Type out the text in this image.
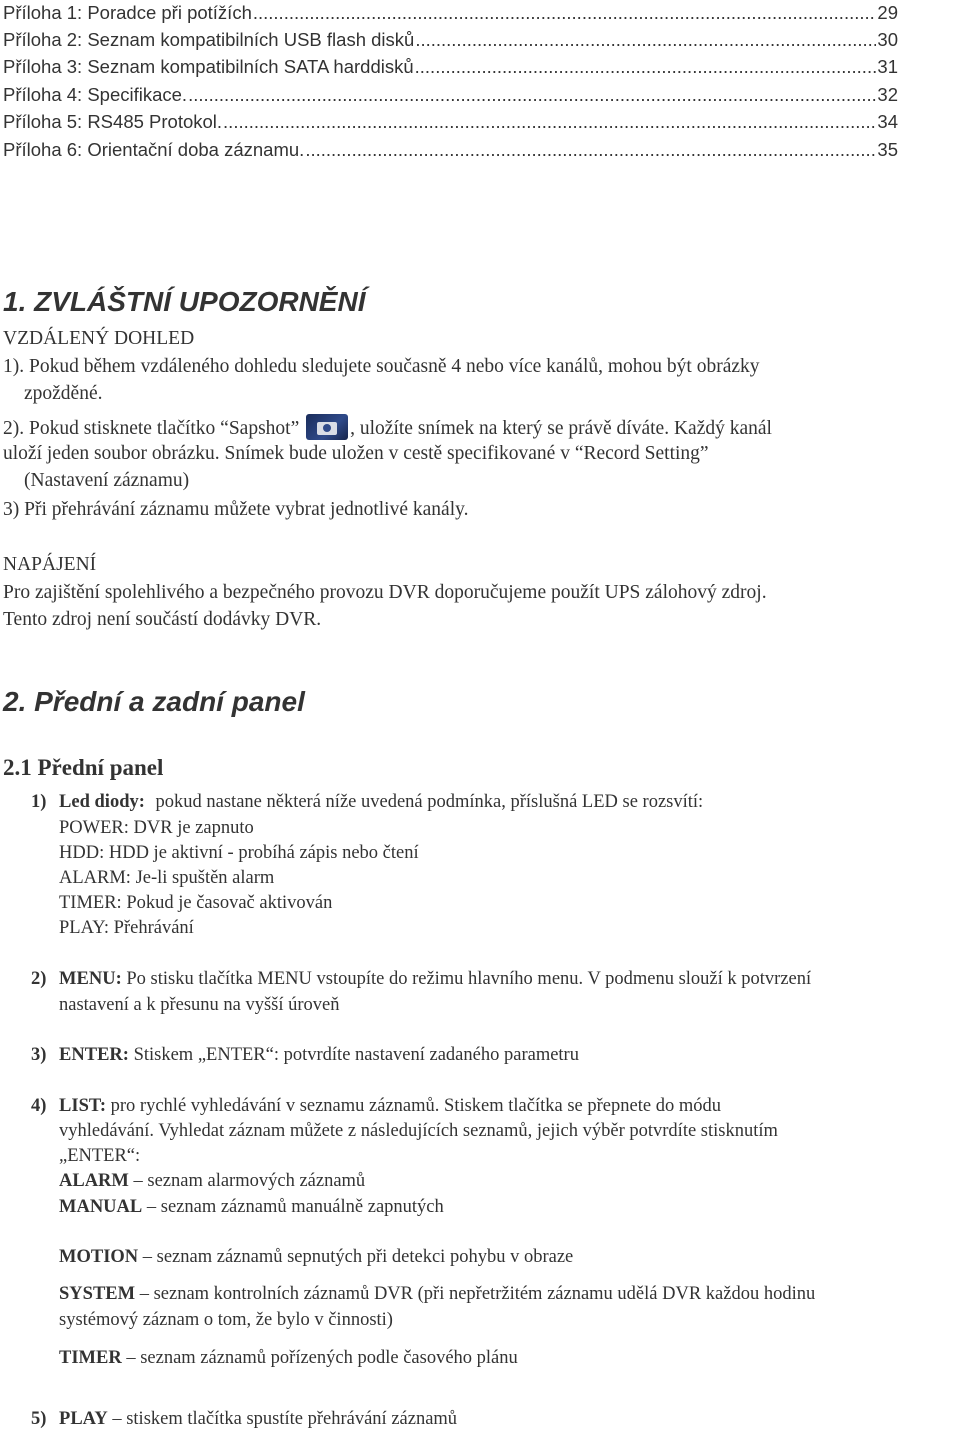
Příloha 1: Poradce při potížích .....	29
Příloha 2: Seznam kompatibilních USB flash disků .....	30
Příloha 3: Seznam kompatibilních SATA harddisků .....	31
Příloha 4: Specifikace. .....	32
Příloha 5: RS485 Protokol. .....	34
Příloha 6: Orientační doba záznamu. .....	35
1. ZVLÁŠTNÍ UPOZORNĚNÍ
VZDÁLENÝ DOHLED
1). Pokud během vzdáleného dohledu sledujete současně 4 nebo více kanálů, mohou být obrázky
zpožděné.
2). Pokud stisknete tlačítko “Sapshot”	, uložíte snímek na který se právě díváte. Každý kanál
uloží jeden soubor obrázku. Snímek bude uložen v cestě specifikované v “Record Setting”
(Nastavení záznamu)
3) Při přehrávání záznamu můžete vybrat jednotlivé kanály.
NAPÁJENÍ
Pro zajištění spolehlivého a bezpečného provozu DVR doporučujeme použít UPS zálohový zdroj.
Tento zdroj není součástí dodávky DVR.
2. Přední a zadní panel
2.1 Přední panel
1) Led diody: pokud nastane některá níže uvedená podmínka, příslušná LED se rozsvítí:
POWER: DVR je zapnuto
HDD: HDD je aktivní - probíhá zápis nebo čtení
ALARM: Je-li spuštěn alarm
TIMER: Pokud je časovač aktivován
PLAY: Přehrávání
2) MENU: Po stisku tlačítka MENU vstoupíte do režimu hlavního menu. V podmenu slouží k potvrzení
nastavení a k přesunu na vyšší úroveň
3) ENTER: Stiskem „ENTER“: potvrdíte nastavení zadaného parametru
4) LIST: pro rychlé vyhledávání v seznamu záznamů. Stiskem tlačítka se přepnete do módu
vyhledávání. Vyhledat záznam můžete z následujících seznamů, jejich výběr potvrdíte stisknutím
„ENTER“:
ALARM – seznam alarmových záznamů
MANUAL – seznam záznamů manuálně zapnutých
MOTION – seznam záznamů sepnutých při detekci pohybu v obraze
SYSTEM – seznam kontrolních záznamů DVR (při nepřetržitém záznamu udělá DVR každou hodinu
systémový záznam o tom, že bylo v činnosti)
TIMER – seznam záznamů pořízených podle časového plánu
5) PLAY – stiskem tlačítka spustíte přehrávání záznamů
